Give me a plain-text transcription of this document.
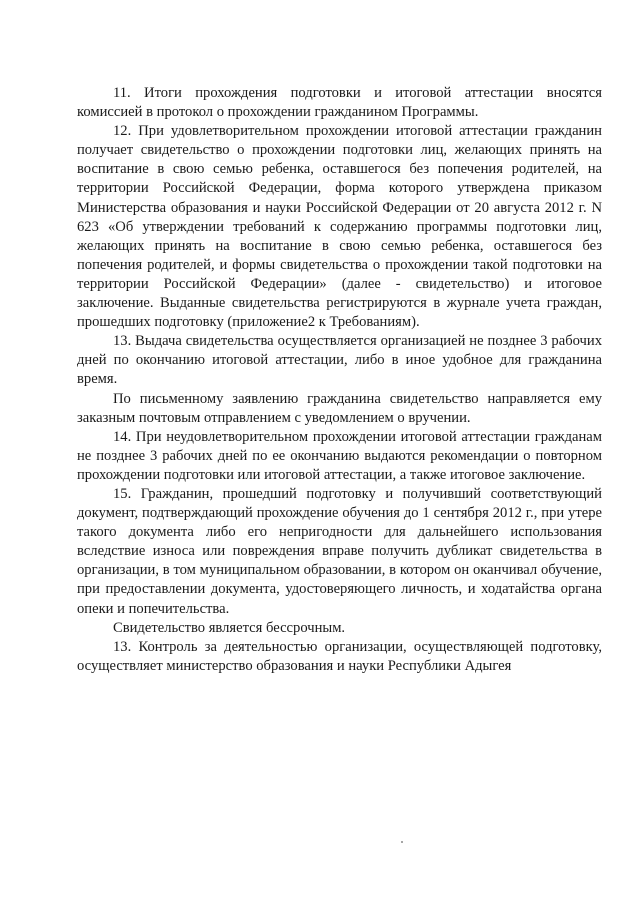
11. Итоги прохождения подготовки и итоговой аттестации вносятся комиссией в протокол о прохождении гражданином Программы.

12. При удовлетворительном прохождении итоговой аттестации гражданин получает свидетельство о прохождении подготовки лиц, желающих принять на воспитание в свою семью ребенка, оставшегося без попечения родителей, на территории Российской Федерации, форма которого утверждена приказом Министерства образования и науки Российской Федерации от 20 августа 2012 г. N 623 «Об утверждении требований к содержанию программы подготовки лиц, желающих принять на воспитание в свою семью ребенка, оставшегося без попечения родителей, и формы свидетельства о прохождении такой подготовки на территории Российской Федерации» (далее - свидетельство) и итоговое заключение. Выданные свидетельства регистрируются в журнале учета граждан, прошедших подготовку (приложение2 к Требованиям).

13. Выдача свидетельства осуществляется организацией не позднее 3 рабочих дней по окончанию итоговой аттестации, либо в иное удобное для гражданина время.

По письменному заявлению гражданина свидетельство направляется ему заказным почтовым отправлением с уведомлением о вручении.

14. При неудовлетворительном прохождении итоговой аттестации гражданам не позднее 3 рабочих дней по ее окончанию выдаются рекомендации о повторном прохождении подготовки или итоговой аттестации, а также итоговое заключение.

15. Гражданин, прошедший подготовку и получивший соответствующий документ, подтверждающий прохождение обучения до 1 сентября 2012 г., при утере такого документа либо его непригодности для дальнейшего использования вследствие износа или повреждения вправе получить дубликат свидетельства в организации, в том муниципальном образовании, в котором он оканчивал обучение, при предоставлении документа, удостоверяющего личность, и ходатайства органа опеки и попечительства.

Свидетельство является бессрочным.

13. Контроль за деятельностью организации, осуществляющей подготовку, осуществляет министерство образования и науки Республики Адыгея
